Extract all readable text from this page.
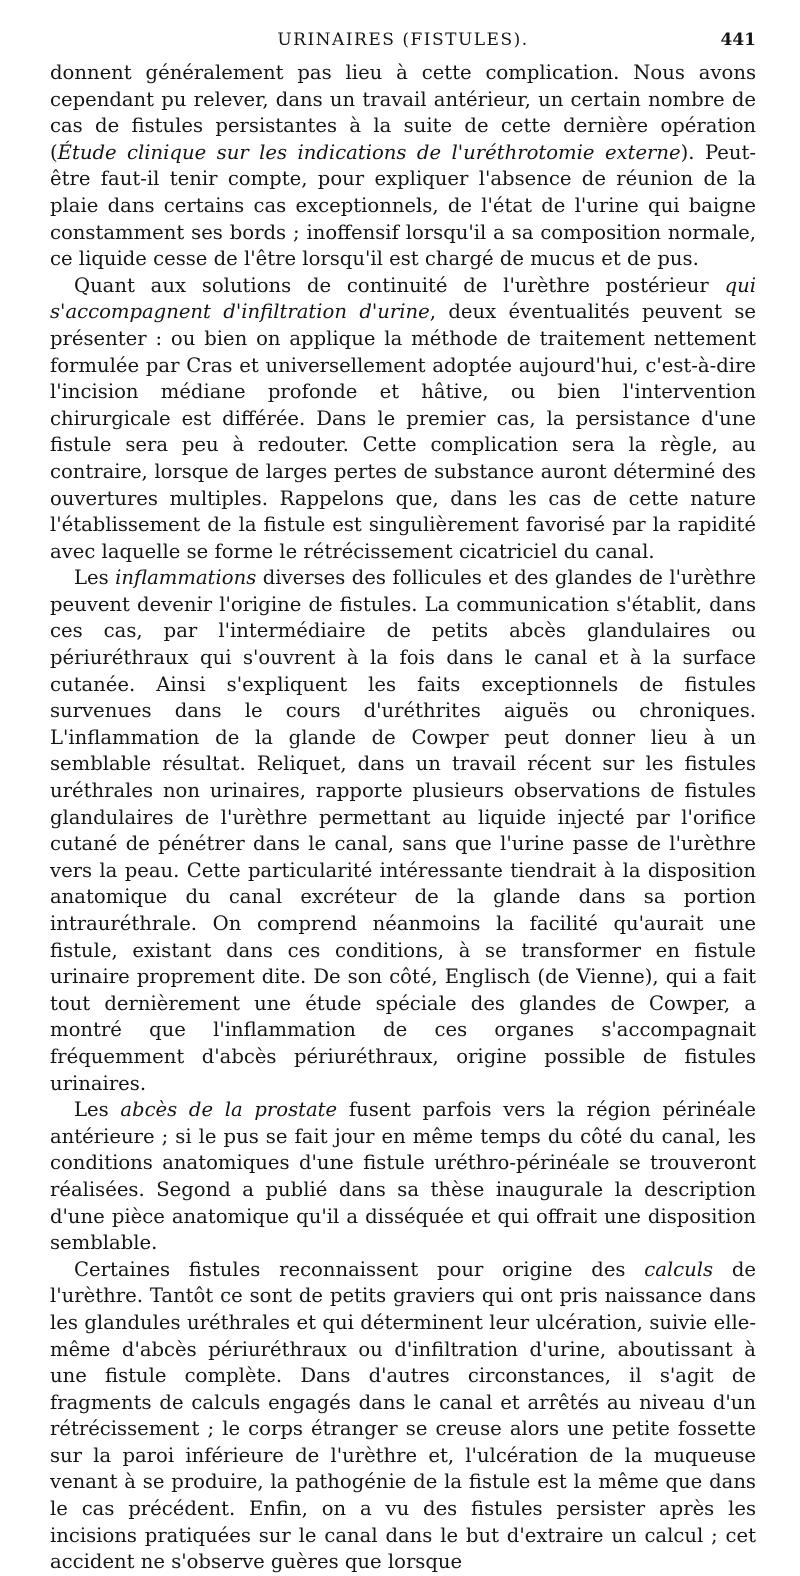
URINAIRES (FISTULES).	441

donnent généralement pas lieu à cette complication. Nous avons cependant pu relever, dans un travail antérieur, un certain nombre de cas de fistules persistantes à la suite de cette dernière opération (Étude clinique sur les indications de l'uréthrotomie externe). Peut-être faut-il tenir compte, pour expliquer l'absence de réunion de la plaie dans certains cas exceptionnels, de l'état de l'urine qui baigne constamment ses bords ; inoffensif lorsqu'il a sa composition normale, ce liquide cesse de l'être lorsqu'il est chargé de mucus et de pus.

Quant aux solutions de continuité de l'urèthre postérieur qui s'accompagnent d'infiltration d'urine, deux éventualités peuvent se présenter : ou bien on applique la méthode de traitement nettement formulée par Cras et universellement adoptée aujourd'hui, c'est-à-dire l'incision médiane profonde et hâtive, ou bien l'intervention chirurgicale est différée. Dans le premier cas, la persistance d'une fistule sera peu à redouter. Cette complication sera la règle, au contraire, lorsque de larges pertes de substance auront déterminé des ouvertures multiples. Rappelons que, dans les cas de cette nature l'établissement de la fistule est singulièrement favorisé par la rapidité avec laquelle se forme le rétrécissement cicatriciel du canal.

Les inflammations diverses des follicules et des glandes de l'urèthre peuvent devenir l'origine de fistules. La communication s'établit, dans ces cas, par l'intermédiaire de petits abcès glandulaires ou périuréthraux qui s'ouvrent à la fois dans le canal et à la surface cutanée. Ainsi s'expliquent les faits exceptionnels de fistules survenues dans le cours d'uréthrites aiguës ou chroniques. L'inflammation de la glande de Cowper peut donner lieu à un semblable résultat. Reliquet, dans un travail récent sur les fistules uréthrales non urinaires, rapporte plusieurs observations de fistules glandulaires de l'urèthre permettant au liquide injecté par l'orifice cutané de pénétrer dans le canal, sans que l'urine passe de l'urèthre vers la peau. Cette particularité intéressante tiendrait à la disposition anatomique du canal excréteur de la glande dans sa portion intrauréthrale. On comprend néanmoins la facilité qu'aurait une fistule, existant dans ces conditions, à se transformer en fistule urinaire proprement dite. De son côté, Englisch (de Vienne), qui a fait tout dernièrement une étude spéciale des glandes de Cowper, a montré que l'inflammation de ces organes s'accompagnait fréquemment d'abcès périuréthraux, origine possible de fistules urinaires.

Les abcès de la prostate fusent parfois vers la région périnéale antérieure ; si le pus se fait jour en même temps du côté du canal, les conditions anatomiques d'une fistule uréthro-périnéale se trouveront réalisées. Segond a publié dans sa thèse inaugurale la description d'une pièce anatomique qu'il a disséquée et qui offrait une disposition semblable.

Certaines fistules reconnaissent pour origine des calculs de l'urèthre. Tantôt ce sont de petits graviers qui ont pris naissance dans les glandules uréthrales et qui déterminent leur ulcération, suivie elle-même d'abcès périuréthraux ou d'infiltration d'urine, aboutissant à une fistule complète. Dans d'autres circonstances, il s'agit de fragments de calculs engagés dans le canal et arrêtés au niveau d'un rétrécissement ; le corps étranger se creuse alors une petite fossette sur la paroi inférieure de l'urèthre et, l'ulcération de la muqueuse venant à se produire, la pathogénie de la fistule est la même que dans le cas précédent. Enfin, on a vu des fistules persister après les incisions pratiquées sur le canal dans le but d'extraire un calcul ; cet accident ne s'observe guères que lorsque
